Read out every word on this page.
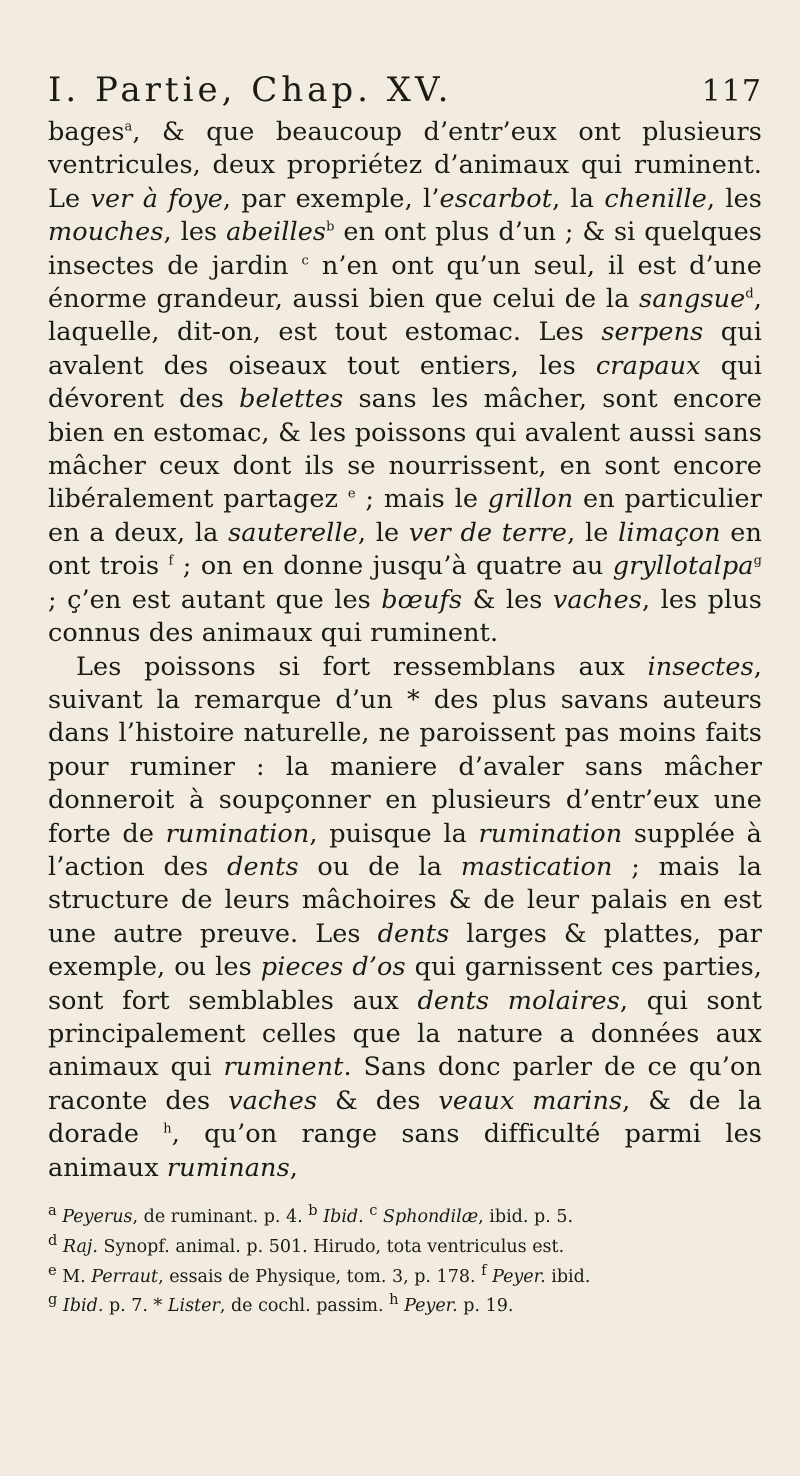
I. Partie, Chap. XV.	117

bages$^a$, & que beaucoup d’entr’eux ont plusieurs ventricules, deux propriétez d’animaux qui ruminent. Le ver à foye, par exemple, l’escarbot, la chenille, les mouches, les abeilles$^b$ en ont plus d’un ; & si quelques insectes de jardin $^c$ n’en ont qu’un seul, il est d’une énorme grandeur, aussi bien que celui de la sangsue$^d$, laquelle, dit-on, est tout estomac. Les serpens qui avalent des oiseaux tout entiers, les crapaux qui dévorent des belettes sans les mâcher, sont encore bien en estomac, & les poissons qui avalent aussi sans mâcher ceux dont ils se nourrissent, en sont encore libéralement partagez $^e$ ; mais le grillon en particulier en a deux, la sauterelle, le ver de terre, le limaçon en ont trois $^f$ ; on en donne jusqu’à quatre au gryllotalpa$^g$ ; ç’en est autant que les bœufs & les vaches, les plus connus des animaux qui ruminent.

Les poissons si fort ressemblans aux insectes, suivant la remarque d’un * des plus savans auteurs dans l’histoire naturelle, ne paroissent pas moins faits pour ruminer : la maniere d’avaler sans mâcher donneroit à soupçonner en plusieurs d’entr’eux une forte de rumination, puisque la rumination supplée à l’action des dents ou de la mastication ; mais la structure de leurs mâchoires & de leur palais en est une autre preuve. Les dents larges & plattes, par exemple, ou les pieces d’os qui garnissent ces parties, sont fort semblables aux dents molaires, qui sont principalement celles que la nature a données aux animaux qui ruminent. Sans donc parler de ce qu’on raconte des vaches & des veaux marins, & de la dorade $^h$, qu’on range sans difficulté parmi les animaux ruminans,

$^a$ Peyerus, de ruminant. p. 4. $^b$ Ibid. $^c$ Sphondilæ, ibid. p. 5.
$^d$ Raj. Synopf. animal. p. 501. Hirudo, tota ventriculus est.
$^e$ M. Perraut, essais de Physique, tom. 3, p. 178. $^f$ Peyer. ibid.
$^g$ Ibid. p. 7. * Lister, de cochl. passim. $^h$ Peyer. p. 19.
